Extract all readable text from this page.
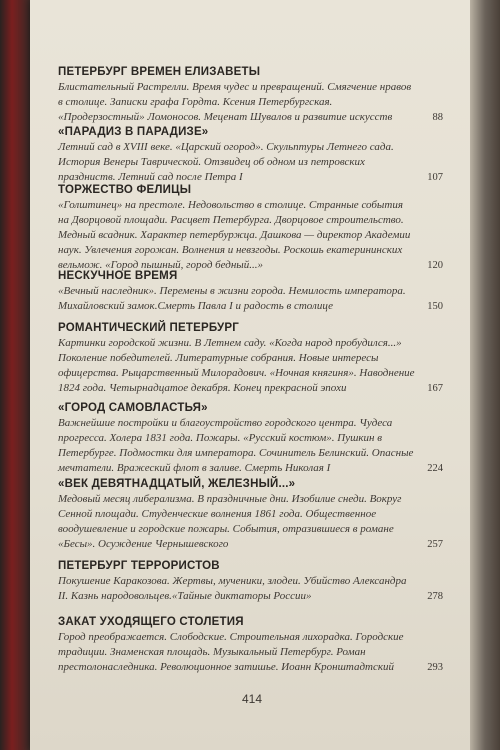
ПЕТЕРБУРГ ВРЕМЕН ЕЛИЗАВЕТЫ

Блистательный Растрелли. Время чудес и превращений. Смягчение нравов в столице. Записки графа Гордта. Ксения Петербургская. «Продерзостный» Ломоносов. Меценат Шувалов и развитие искусств	88

«ПАРАДИЗ В ПАРАДИЗЕ»

Летний сад в XVIII веке. «Царский огород». Скульптуры Летнего сада. История Венеры Таврической. Отзвидец об одном из петровских праздниств. Летний сад после Петра I	107

ТОРЖЕСТВО ФЕЛИЦЫ

«Голштинец» на престоле. Недовольство в столице. Странные события на Дворцовой площади. Расцвет Петербурга. Дворцовое строительство. Медный всадник. Характер петербуржца. Дашкова — директор Академии наук. Увлечения горожан. Волнения и невзгоды. Роскошь екатерининских вельмож. «Город пышный, город бедный...»	120

НЕСКУЧНОЕ ВРЕМЯ

«Вечный наследник». Перемены в жизни города. Немилость императора. Михайловский замок.Смерть Павла I и радость в столице	150

РОМАНТИЧЕСКИЙ ПЕТЕРБУРГ

Картинки городской жизни. В Летнем саду. «Когда народ пробудился...» Поколение победителей. Литературные собрания. Новые интересы офицерства. Рыцарственный Милорадович. «Ночная княгиня». Наводнение 1824 года. Четырнадцатое декабря. Конец прекрасной эпохи	167

«ГОРОД САМОВЛАСТЬЯ»

Важнейшие постройки и благоустройство городского центра. Чудеса прогресса. Холера 1831 года. Пожары. «Русский костюм». Пушкин в Петербурге. Подмостки для императора. Сочинитель Белинский. Опасные мечтатели. Вражеский флот в заливе. Смерть Николая I	224

«ВЕК ДЕВЯТНАДЦАТЫЙ, ЖЕЛЕЗНЫЙ...»

Медовый месяц либерализма. В праздничные дни. Изобилие снеди. Вокруг Сенной площади. Студенческие волнения 1861 года. Общественное воодушевление и городские пожары. События, отразившиеся в романе «Бесы». Осуждение Чернышевского	257

ПЕТЕРБУРГ ТЕРРОРИСТОВ

Покушение Каракозова. Жертвы, мученики, злодеи. Убийство Александра II. Казнь народовольцев.«Тайные диктаторы России»	278

ЗАКАТ УХОДЯЩЕГО СТОЛЕТИЯ

Город преображается. Слободские. Строительная лихорадка. Городские традиции. Знаменская площадь. Музыкальный Петербург. Роман престолонаследника. Революционное затишье. Иоанн Кронштадтский	293

414
